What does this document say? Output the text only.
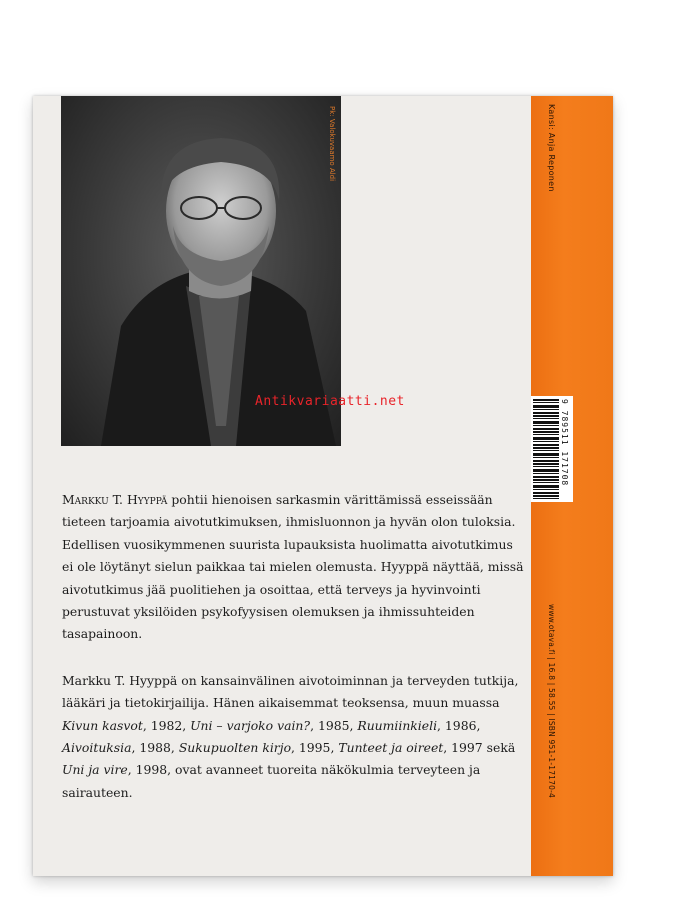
Pk: Valokuvaamo Aldi
Antikvariaatti.net

Markku T. Hyyppä pohtii hienoisen sarkasmin värittämissä esseissään tieteen tarjoamia aivotutkimuksen, ihmisluonnon ja hyvän olon tuloksia. Edellisen vuosikymmenen suurista lupauksista huolimatta aivotutkimus ei ole löytänyt sielun paikkaa tai mielen olemusta. Hyyppä näyttää, missä aivotutkimus jää puolitiehen ja osoittaa, että terveys ja hyvinvointi perustuvat yksilöiden psykofyysisen olemuksen ja ihmissuhteiden tasapainoon.

Markku T. Hyyppä on kansainvälinen aivotoiminnan ja terveyden tutkija, lääkäri ja tietokirjailija. Hänen aikaisemmat teoksensa, muun muassa Kivun kasvot, 1982, Uni – varjoko vain?, 1985, Ruumiinkieli, 1986, Aivoituksia, 1988, Sukupuolten kirjo, 1995, Tunteet ja oireet, 1997 sekä Uni ja vire, 1998, ovat avanneet tuoreita näkökulmia terveyteen ja sairauteen.

Kansi: Anja Reponen
9 789511 171708
www.otava.fi | 16.8 | 58.55 | ISBN 951-1-17170-4
